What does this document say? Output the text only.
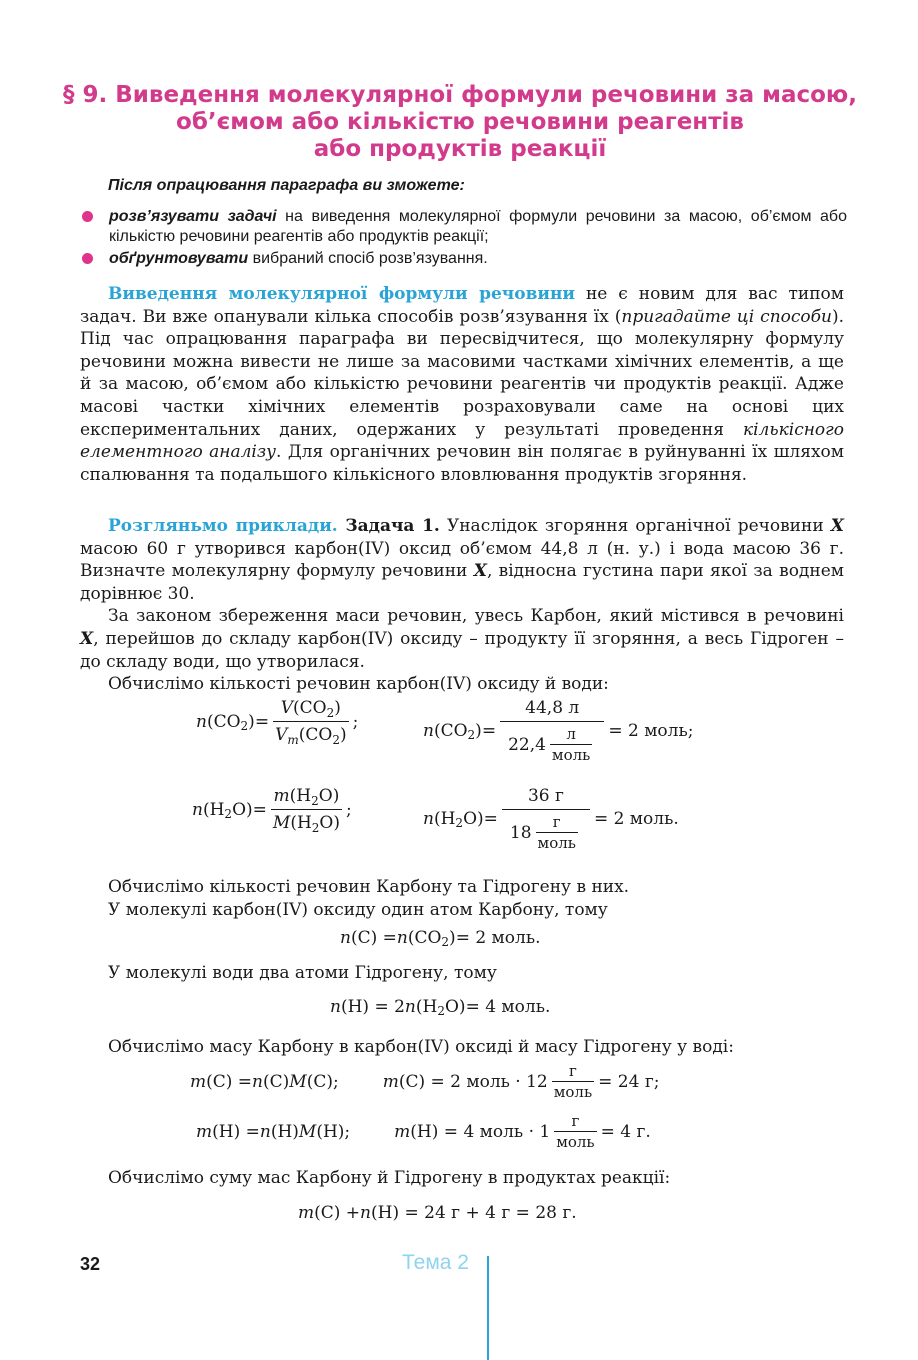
§ 9. Виведення молекулярної формули речовини за масою,
об’ємом або кількістю речовини реагентів
або продуктів реакції

Після опрацювання параграфа ви зможете:

розв’язувати задачі на виведення молекулярної формули речовини за масою, об’ємом або кількістю речовини реагентів або продуктів реакції;
обґрунтовувати вибраний спосіб розв’язування.

Виведення молекулярної формули речовини не є новим для вас типом задач. Ви вже опанували кілька способів розв’язування їх (пригадайте ці способи). Під час опрацювання параграфа ви пересвідчитеся, що молекулярну формулу речовини можна вивести не лише за масовими частками хімічних елементів, а ще й за масою, об’ємом або кількістю речовини реагентів чи продуктів реакції. Адже масові частки хімічних елементів розраховували саме на основі цих експериментальних даних, одержаних у результаті проведення кількісного елементного аналізу. Для органічних речовин він полягає в руйнуванні їх шляхом спалювання та подальшого кількісного вловлювання продуктів згоряння.

Розгляньмо приклади. Задача 1. Унаслідок згоряння органічної речовини X масою 60 г утворився карбон(IV) оксид об’ємом 44,8 л (н. у.) і вода масою 36 г. Визначте молекулярну формулу речовини X, відносна густина пари якої за воднем дорівнює 30.

За законом збереження маси речовин, увесь Карбон, який містився в речовині X, перейшов до складу карбон(IV) оксиду – продукту її згоряння, а весь Гідроген – до складу води, що утворилася.

Обчислімо кількості речовин карбон(IV) оксиду й води:

n (CO 2 ) = $\frac{V(CO_2)}{V_m(CO_2)}$ ;	n (CO 2 ) = $\frac{44,8 л}{22,4 \frac{л}{\text{моль}}} = 2$ моль;
n (H 2 $O) = \frac{m(H_2O)}{M(H_2O)}$ ;	n (H 2 $O) = \frac{36 г}{18 \frac{г}{\text{моль}}} = 2$ моль.

Обчислімо кількості речовин Карбону та Гідрогену в них.

У молекулі карбон(IV) оксиду один атом Карбону, тому

n (C) = n (CO 2 ) = 2 моль.

У молекулі води два атоми Гідрогену, тому

n (H) = 2 n (H 2 O) = 4 моль.

Обчислімо масу Карбону в карбон(IV) оксиді й масу Гідрогену у воді:

m (C) = n (C) M (C);	m (C) = 2 моль · $12 \frac{г}{\text{моль}} = 24$ г;
m (H) = n (H) M (H);	m (H) = 4 моль · $1 \frac{г}{\text{моль}} = 4$ г.

Обчислімо суму мас Карбону й Гідрогену в продуктах реакції:

m (C) + n (H) = 24 г + 4 г = 28 г.

32	Тема 2
